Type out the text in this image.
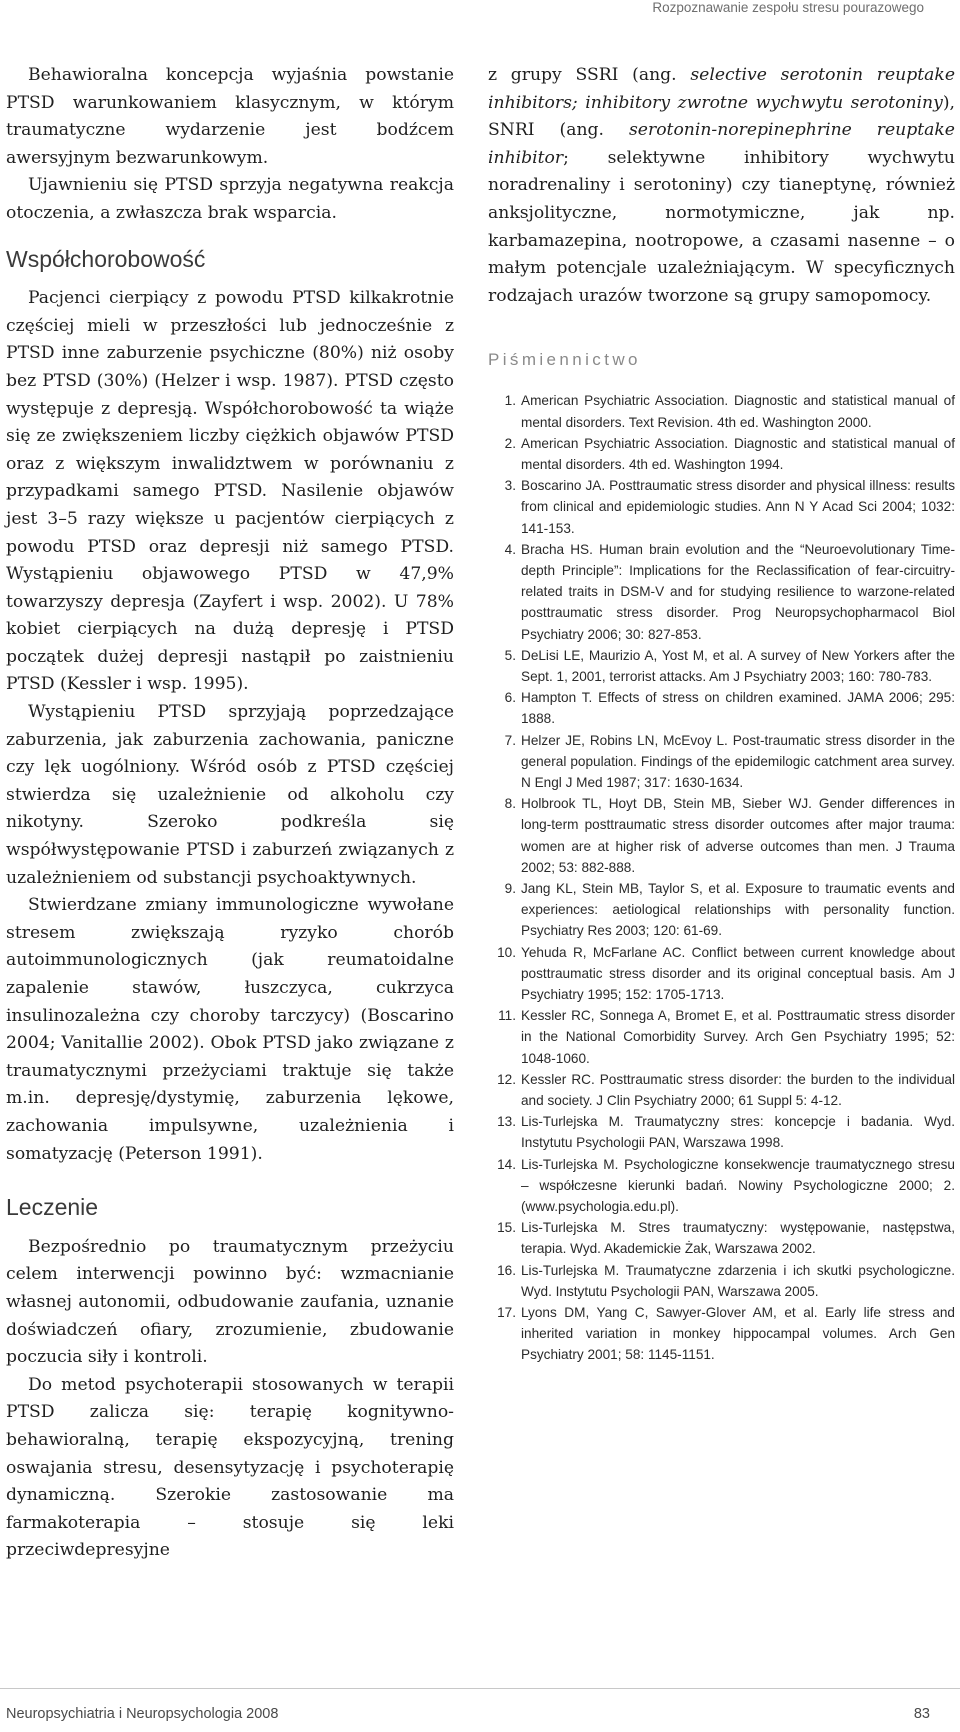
Rozpoznawanie zespołu stresu pourazowego

Behawioralna koncepcja wyjaśnia powstanie PTSD warunkowaniem klasycznym, w którym traumatyczne wydarzenie jest bodźcem awersyjnym bezwarunkowym.

Ujawnieniu się PTSD sprzyja negatywna reakcja otoczenia, a zwłaszcza brak wsparcia.

Współchorobowość

Pacjenci cierpiący z powodu PTSD kilkakrotnie częściej mieli w przeszłości lub jednocześnie z PTSD inne zaburzenie psychiczne (80%) niż osoby bez PTSD (30%) (Helzer i wsp. 1987). PTSD często występuje z depresją. Współchorobowość ta wiąże się ze zwiększeniem liczby ciężkich objawów PTSD oraz z większym inwalidztwem w porównaniu z przypadkami samego PTSD. Nasilenie objawów jest 3–5 razy większe u pacjentów cierpiących z powodu PTSD oraz depresji niż samego PTSD. Wystąpieniu objawowego PTSD w 47,9% towarzyszy depresja (Zayfert i wsp. 2002). U 78% kobiet cierpiących na dużą depresję i PTSD początek dużej depresji nastąpił po zaistnieniu PTSD (Kessler i wsp. 1995).

Wystąpieniu PTSD sprzyjają poprzedzające zaburzenia, jak zaburzenia zachowania, paniczne czy lęk uogólniony. Wśród osób z PTSD częściej stwierdza się uzależnienie od alkoholu czy nikotyny. Szeroko podkreśla się współwystępowanie PTSD i zaburzeń związanych z uzależnieniem od substancji psychoaktywnych.

Stwierdzane zmiany immunologiczne wywołane stresem zwiększają ryzyko chorób autoimmunologicznych (jak reumatoidalne zapalenie stawów, łuszczyca, cukrzyca insulinozależna czy choroby tarczycy) (Boscarino 2004; Vanitallie 2002). Obok PTSD jako związane z traumatycznymi przeżyciami traktuje się także m.in. depresję/dystymię, zaburzenia lękowe, zachowania impulsywne, uzależnienia i somatyzację (Peterson 1991).

Leczenie

Bezpośrednio po traumatycznym przeżyciu celem interwencji powinno być: wzmacnianie własnej autonomii, odbudowanie zaufania, uznanie doświadczeń ofiary, zrozumienie, zbudowanie poczucia siły i kontroli.

Do metod psychoterapii stosowanych w terapii PTSD zalicza się: terapię kognitywno-behawioralną, terapię ekspozycyjną, trening oswajania stresu, desensytyzację i psychoterapię dynamiczną. Szerokie zastosowanie ma farmakoterapia – stosuje się leki przeciwdepresyjne

z grupy SSRI (ang. selective serotonin reuptake inhibitors; inhibitory zwrotne wychwytu serotoniny), SNRI (ang. serotonin-norepinephrine reuptake inhibitor; selektywne inhibitory wychwytu noradrenaliny i serotoniny) czy tianeptynę, również anksjolityczne, normotymiczne, jak np. karbamazepina, nootropowe, a czasami nasenne – o małym potencjale uzależniającym. W specyficznych rodzajach urazów tworzone są grupy samopomocy.

Piśmiennictwo
1. American Psychiatric Association. Diagnostic and statistical manual of mental disorders. Text Revision. 4th ed. Washington 2000.
2. American Psychiatric Association. Diagnostic and statistical manual of mental disorders. 4th ed. Washington 1994.
3. Boscarino JA. Posttraumatic stress disorder and physical illness: results from clinical and epidemiologic studies. Ann N Y Acad Sci 2004; 1032: 141-153.
4. Bracha HS. Human brain evolution and the “Neuroevolutionary Time-depth Principle”: Implications for the Reclassification of fear-circuitry-related traits in DSM-V and for studying resilience to warzone-related posttraumatic stress disorder. Prog Neuropsychopharmacol Biol Psychiatry 2006; 30: 827-853.
5. DeLisi LE, Maurizio A, Yost M, et al. A survey of New Yorkers after the Sept. 1, 2001, terrorist attacks. Am J Psychiatry 2003; 160: 780-783.
6. Hampton T. Effects of stress on children examined. JAMA 2006; 295: 1888.
7. Helzer JE, Robins LN, McEvoy L. Post-traumatic stress disorder in the general population. Findings of the epidemilogic catchment area survey. N Engl J Med 1987; 317: 1630-1634.
8. Holbrook TL, Hoyt DB, Stein MB, Sieber WJ. Gender differences in long-term posttraumatic stress disorder outcomes after major trauma: women are at higher risk of adverse outcomes than men. J Trauma 2002; 53: 882-888.
9. Jang KL, Stein MB, Taylor S, et al. Exposure to traumatic events and experiences: aetiological relationships with personality function. Psychiatry Res 2003; 120: 61-69.
10. Yehuda R, McFarlane AC. Conflict between current knowledge about posttraumatic stress disorder and its original conceptual basis. Am J Psychiatry 1995; 152: 1705-1713.
11. Kessler RC, Sonnega A, Bromet E, et al. Posttraumatic stress disorder in the National Comorbidity Survey. Arch Gen Psychiatry 1995; 52: 1048-1060.
12. Kessler RC. Posttraumatic stress disorder: the burden to the individual and society. J Clin Psychiatry 2000; 61 Suppl 5: 4-12.
13. Lis-Turlejska M. Traumatyczny stres: koncepcje i badania. Wyd. Instytutu Psychologii PAN, Warszawa 1998.
14. Lis-Turlejska M. Psychologiczne konsekwencje traumatycznego stresu – współczesne kierunki badań. Nowiny Psychologiczne 2000; 2. (www.psychologia.edu.pl).
15. Lis-Turlejska M. Stres traumatyczny: występowanie, następstwa, terapia. Wyd. Akademickie Żak, Warszawa 2002.
16. Lis-Turlejska M. Traumatyczne zdarzenia i ich skutki psychologiczne. Wyd. Instytutu Psychologii PAN, Warszawa 2005.
17. Lyons DM, Yang C, Sawyer-Glover AM, et al. Early life stress and inherited variation in monkey hippocampal volumes. Arch Gen Psychiatry 2001; 58: 1145-1151.
Neuropsychiatria i Neuropsychologia 2008	83
